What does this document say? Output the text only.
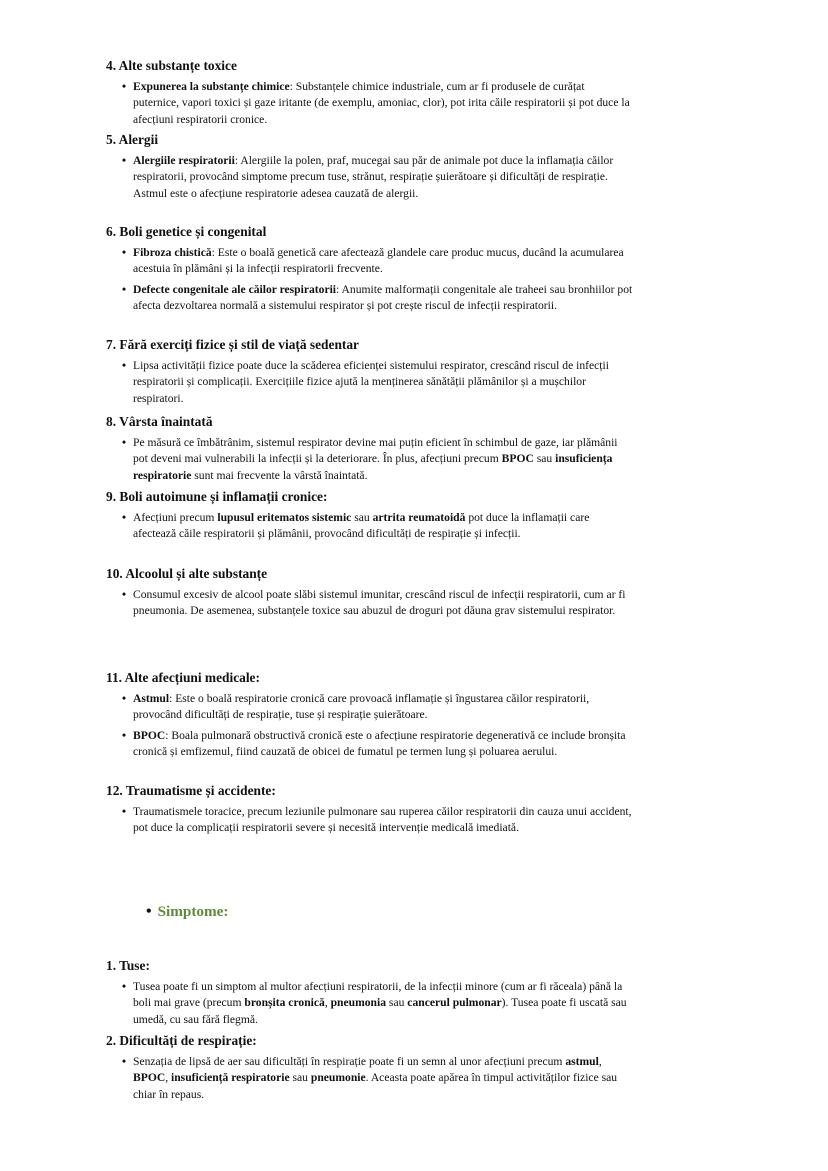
4. Alte substanțe toxice
• Expunerea la substanțe chimice: Substanțele chimice industriale, cum ar fi produsele de curățat puternice, vapori toxici și gaze iritante (de exemplu, amoniac, clor), pot irita căile respiratorii și pot duce la afecțiuni respiratorii cronice.
5. Alergii
• Alergiile respiratorii: Alergiile la polen, praf, mucegai sau păr de animale pot duce la inflamația căilor respiratorii, provocând simptome precum tuse, strănut, respirație șuierătoare și dificultăți de respirație. Astmul este o afecțiune respiratorie adesea cauzată de alergii.
6. Boli genetice și congenital
• Fibroza chistică: Este o boală genetică care afectează glandele care produc mucus, ducând la acumularea acestuia în plămâni și la infecții respiratorii frecvente.
• Defecte congenitale ale căilor respiratorii: Anumite malformații congenitale ale traheei sau bronhiilor pot afecta dezvoltarea normală a sistemului respirator și pot crește riscul de infecții respiratorii.
7. Fără exerciți fizice și stil de viață sedentar
• Lipsa activității fizice poate duce la scăderea eficienței sistemului respirator, crescând riscul de infecții respiratorii și complicații. Exercițiile fizice ajută la menținerea sănătății plămânilor și a mușchilor respiratori.
8. Vârsta înaintată
• Pe măsură ce îmbătrânim, sistemul respirator devine mai puțin eficient în schimbul de gaze, iar plămânii pot deveni mai vulnerabili la infecții și la deteriorare. În plus, afecțiuni precum BPOC sau insuficiența respiratorie sunt mai frecvente la vârstă înaintată.
9. Boli autoimune și inflamații cronice:
• Afecțiuni precum lupusul eritematos sistemic sau artrita reumatoidă pot duce la inflamații care afectează căile respiratorii și plămânii, provocând dificultăți de respirație și infecții.
10. Alcoolul și alte substanțe
• Consumul excesiv de alcool poate slăbi sistemul imunitar, crescând riscul de infecții respiratorii, cum ar fi pneumonia. De asemenea, substanțele toxice sau abuzul de droguri pot dăuna grav sistemului respirator.
11. Alte afecțiuni medicale:
• Astmul: Este o boală respiratorie cronică care provoacă inflamație și îngustarea căilor respiratorii, provocând dificultăți de respirație, tuse și respirație șuierătoare.
• BPOC: Boala pulmonară obstructivă cronică este o afecțiune respiratorie degenerativă ce include bronșita cronică și emfizemul, fiind cauzată de obicei de fumatul pe termen lung și poluarea aerului.
12. Traumatisme și accidente:
• Traumatismele toracice, precum leziunile pulmonare sau ruperea căilor respiratorii din cauza unui accident, pot duce la complicații respiratorii severe și necesită intervenție medicală imediată.
• Simptome:
1. Tuse:
• Tusea poate fi un simptom al multor afecțiuni respiratorii, de la infecții minore (cum ar fi răceala) până la boli mai grave (precum bronșita cronică, pneumonia sau cancerul pulmonar). Tusea poate fi uscată sau umedă, cu sau fără flegmă.
2. Dificultăți de respirație:
• Senzația de lipsă de aer sau dificultăți în respirație poate fi un semn al unor afecțiuni precum astmul, BPOC, insuficiență respiratorie sau pneumonie. Aceasta poate apărea în timpul activităților fizice sau chiar în repaus.
